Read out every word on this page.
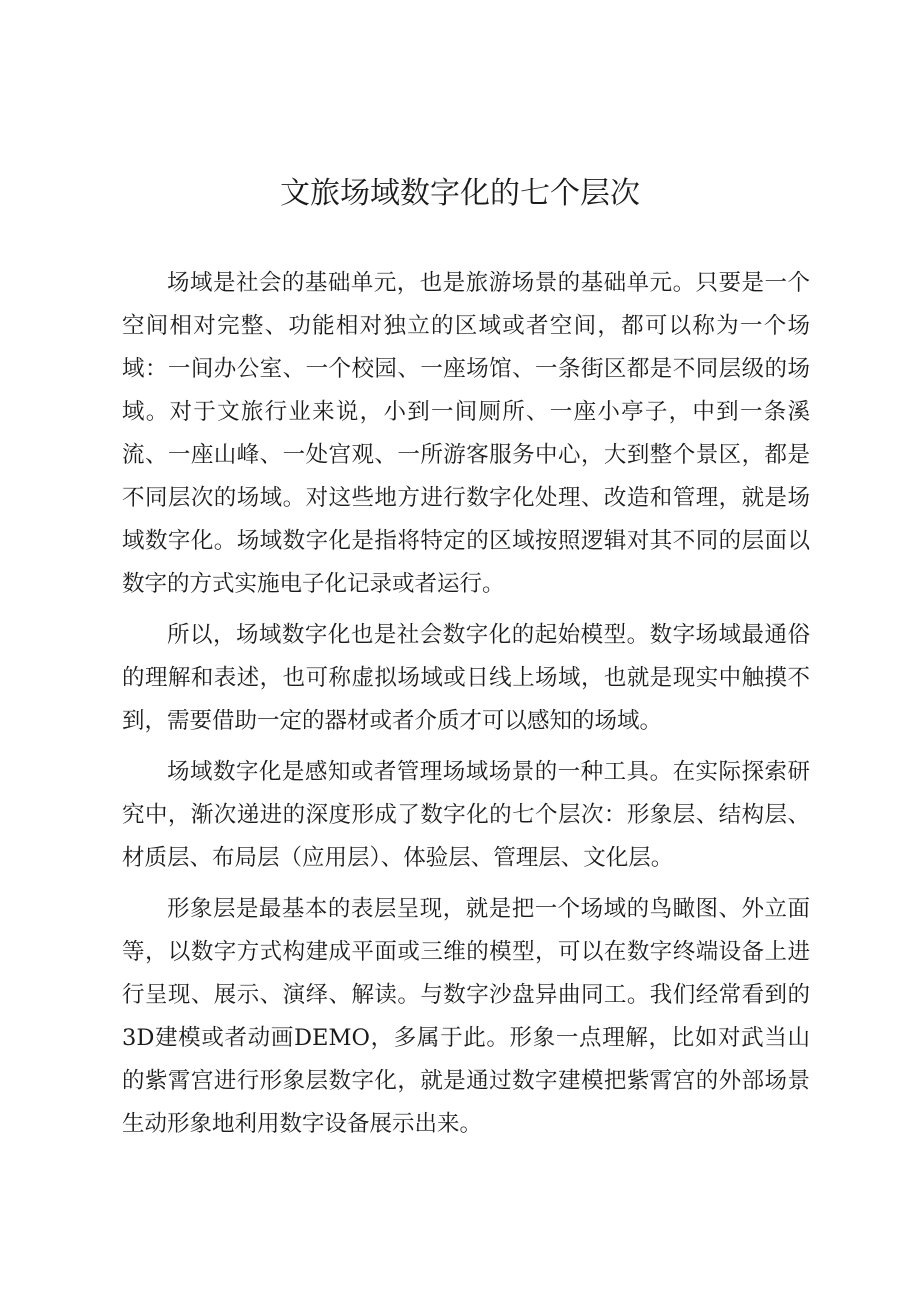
文旅场域数字化的七个层次

场域是社会的基础单元，也是旅游场景的基础单元。只要是一个空间相对完整、功能相对独立的区域或者空间，都可以称为一个场域：一间办公室、一个校园、一座场馆、一条街区都是不同层级的场域。对于文旅行业来说，小到一间厕所、一座小亭子，中到一条溪流、一座山峰、一处宫观、一所游客服务中心，大到整个景区，都是不同层次的场域。对这些地方进行数字化处理、改造和管理，就是场域数字化。场域数字化是指将特定的区域按照逻辑对其不同的层面以数字的方式实施电子化记录或者运行。

所以，场域数字化也是社会数字化的起始模型。数字场域最通俗的理解和表述，也可称虚拟场域或日线上场域，也就是现实中触摸不到，需要借助一定的器材或者介质才可以感知的场域。

场域数字化是感知或者管理场域场景的一种工具。在实际探索研究中，渐次递进的深度形成了数字化的七个层次：形象层、结构层、材质层、布局层（应用层）、体验层、管理层、文化层。

形象层是最基本的表层呈现，就是把一个场域的鸟瞰图、外立面等，以数字方式构建成平面或三维的模型，可以在数字终端设备上进行呈现、展示、演绎、解读。与数字沙盘异曲同工。我们经常看到的3D建模或者动画DEMO，多属于此。形象一点理解，比如对武当山的紫霄宫进行形象层数字化，就是通过数字建模把紫霄宫的外部场景生动形象地利用数字设备展示出来。
